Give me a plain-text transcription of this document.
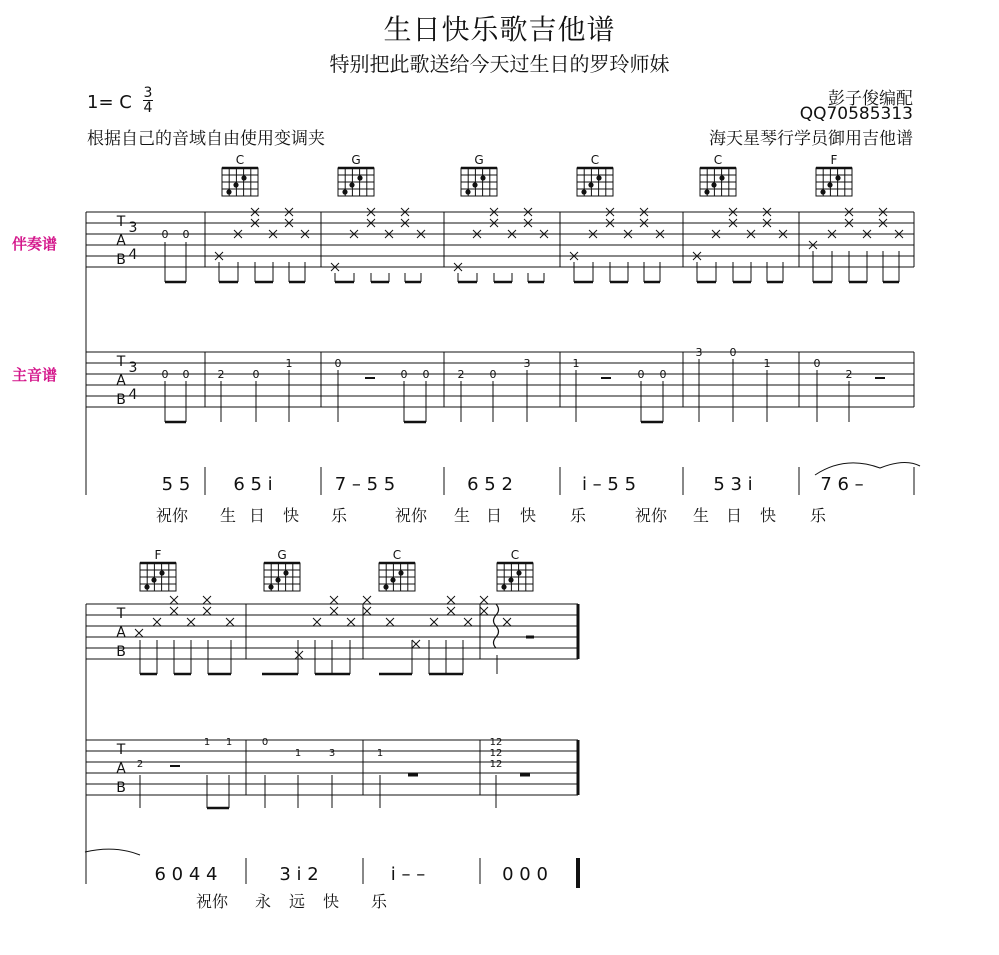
生日快乐歌吉他谱
特别把此歌送给今天过生日的罗玲师妹
1= C 3
4
根据自己的音域自由使用变调夹
彭子俊编配
QQ70585313
海天星琴行学员御用吉他谱
伴奏谱
主音谱
T
A
B
3
4
T
A
B
3
4
C	G	G	C	C	F
0 0
0 0	2	0
1	0
0 0	2 0
3	1
0 0
3 0
1	0
2
5 5 6 5 i	7 – 5 5	6 5 2	i – 5 5	5 3 i	7 6 –
祝你 生 日 快 乐	祝你 生 日 快 乐	祝你 生 日 快 乐
T
A
B
T
A
B
F	G	C	C
2
1 1	0
1	3	1
12
12
12
6 0 4 4	3 i 2	i – –	0 0 0
祝你 永 远 快 乐
